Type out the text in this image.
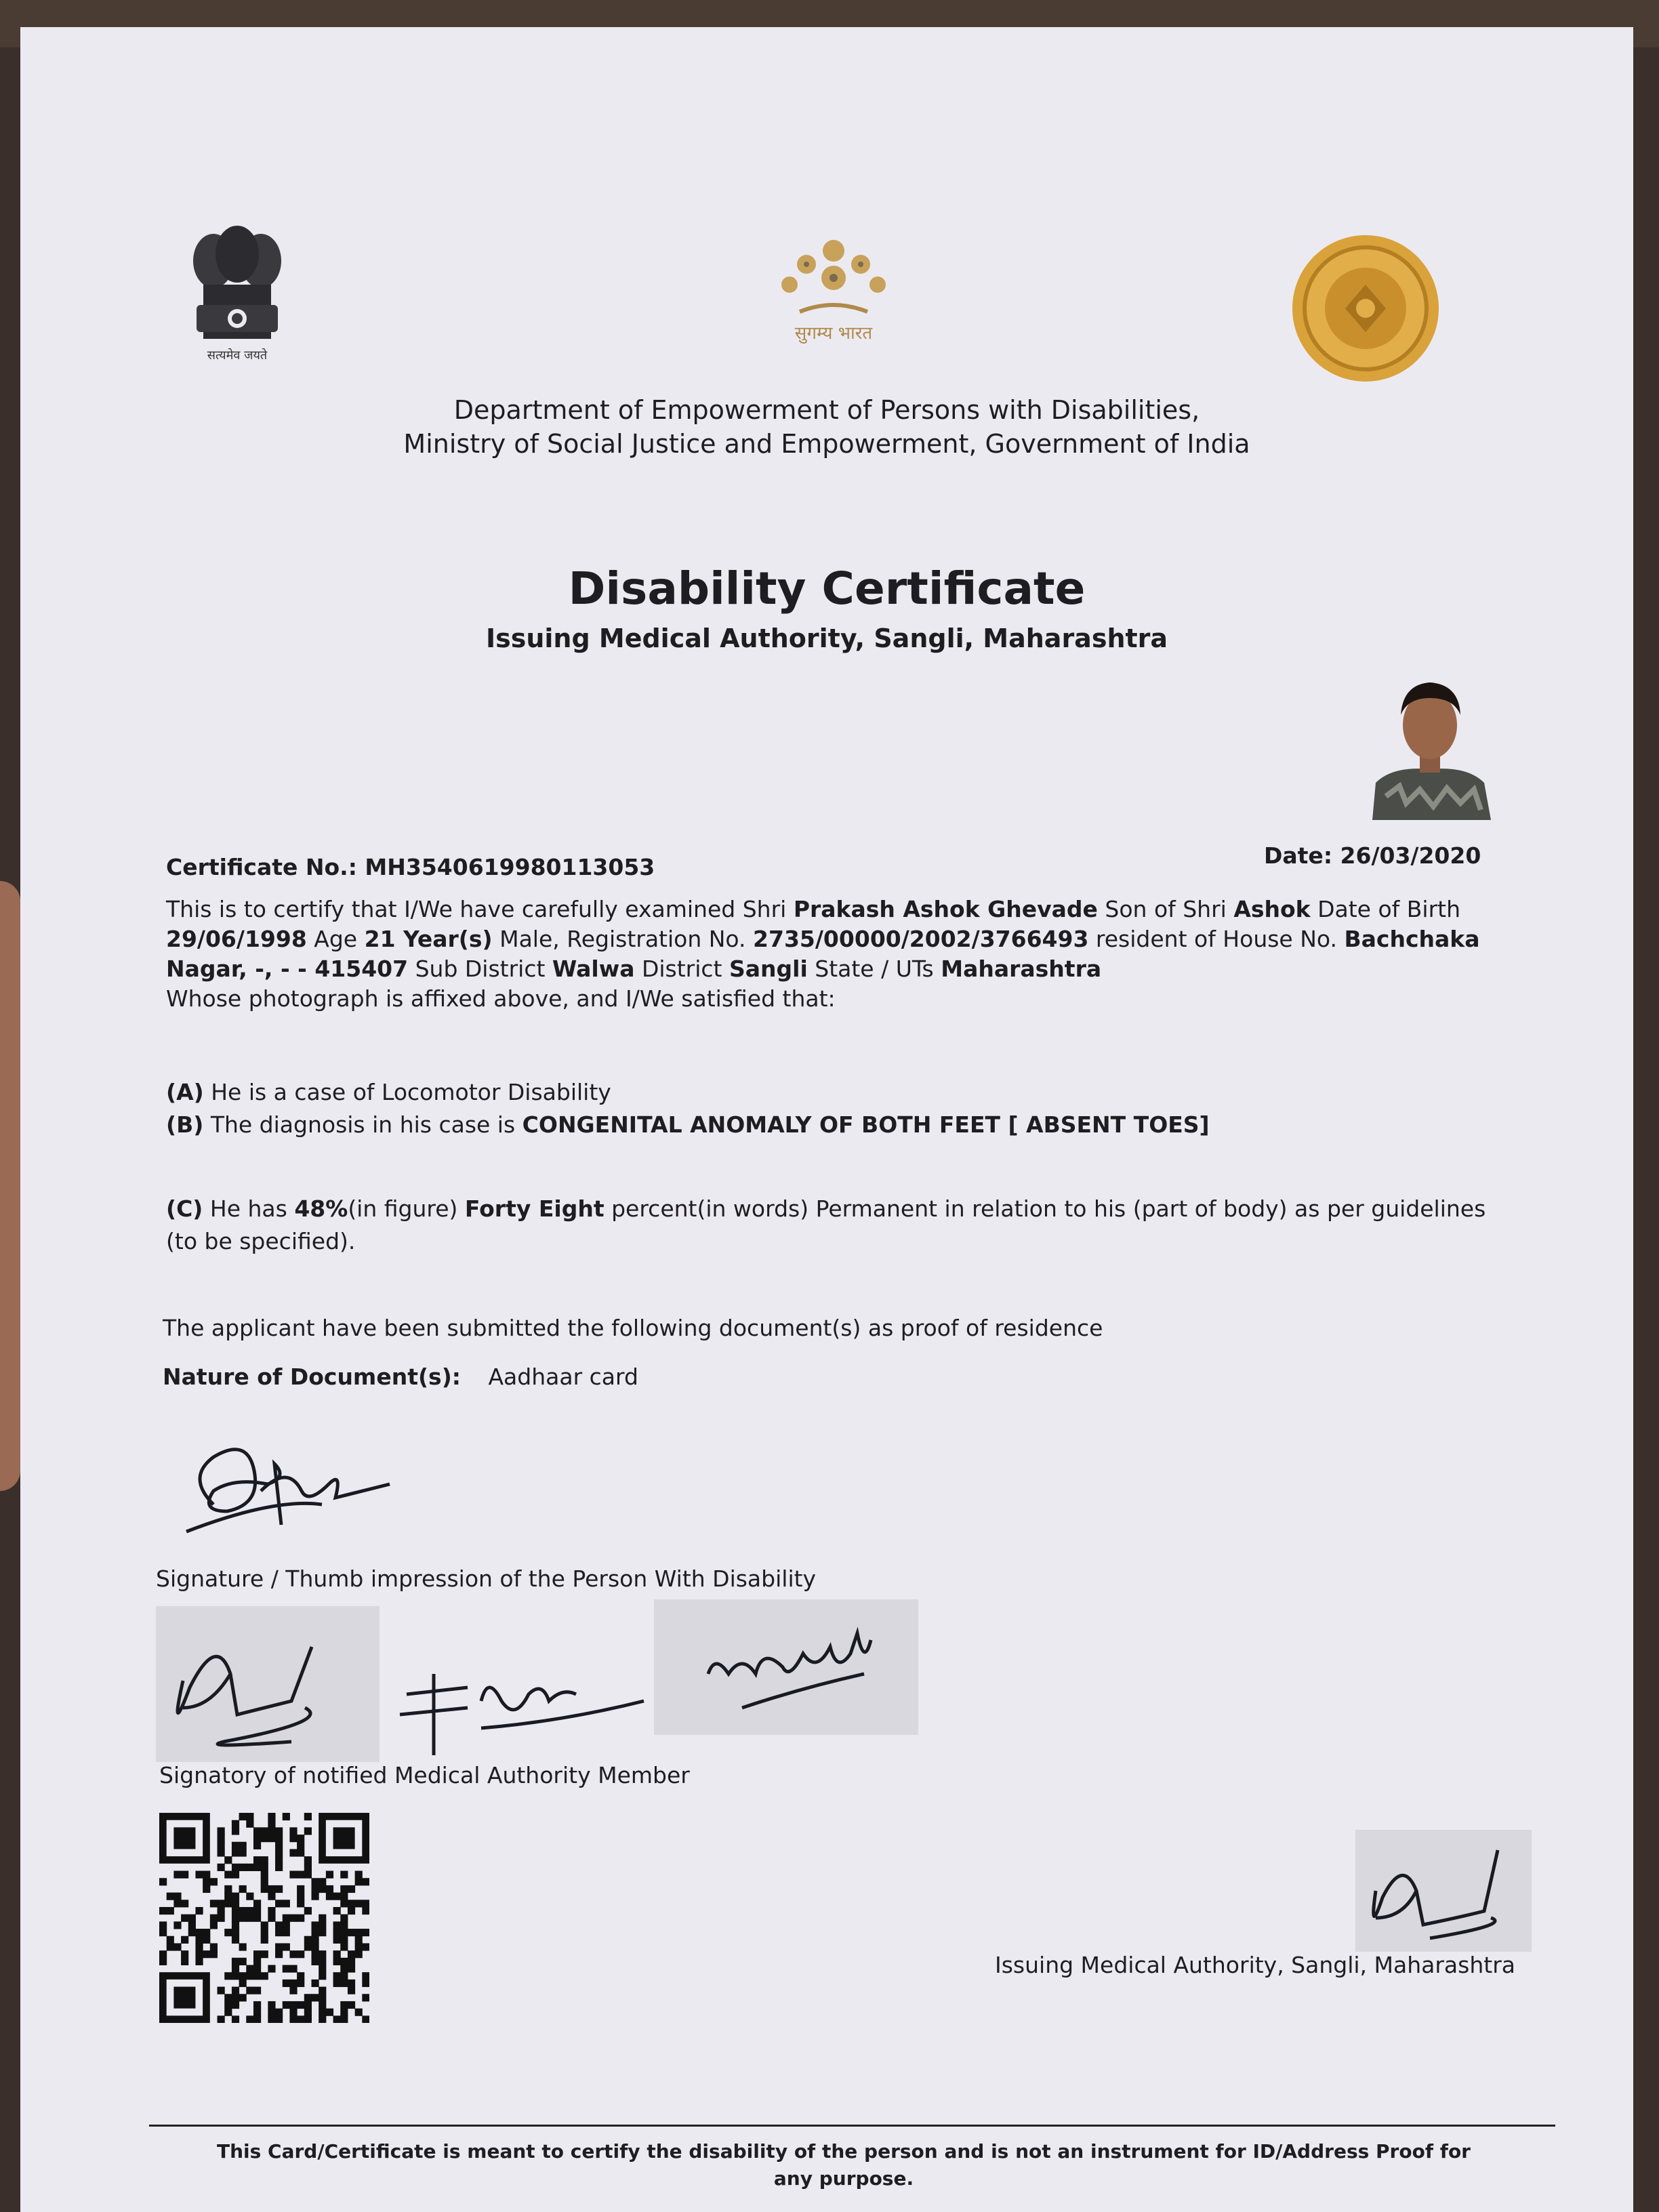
सत्यमेव जयते
सुगम्य भारत
Department of Empowerment of Persons with Disabilities,
Ministry of Social Justice and Empowerment, Government of India
Disability Certificate
Issuing Medical Authority, Sangli, Maharashtra
Certificate No.: MH3540619980113053	Date: 26/03/2020
This is to certify that I/We have carefully examined Shri Prakash Ashok Ghevade Son of Shri Ashok Date of Birth 29/06/1998 Age 21 Year(s) Male, Registration No. 2735/00000/2002/3766493 resident of House No. Bachchaka Nagar, -, - - 415407 Sub District Walwa District Sangli State / UTs Maharashtra
Whose photograph is affixed above, and I/We satisfied that:
(A) He is a case of Locomotor Disability
(B) The diagnosis in his case is CONGENITAL ANOMALY OF BOTH FEET [ ABSENT TOES]
(C) He has 48%(in figure) Forty Eight percent(in words) Permanent in relation to his (part of body) as per guidelines (to be specified).
The applicant have been submitted the following document(s) as proof of residence
Nature of Document(s): Aadhaar card
Signature / Thumb impression of the Person With Disability
Signatory of notified Medical Authority Member
Issuing Medical Authority, Sangli, Maharashtra
This Card/Certificate is meant to certify the disability of the person and is not an instrument for ID/Address Proof for any purpose.
